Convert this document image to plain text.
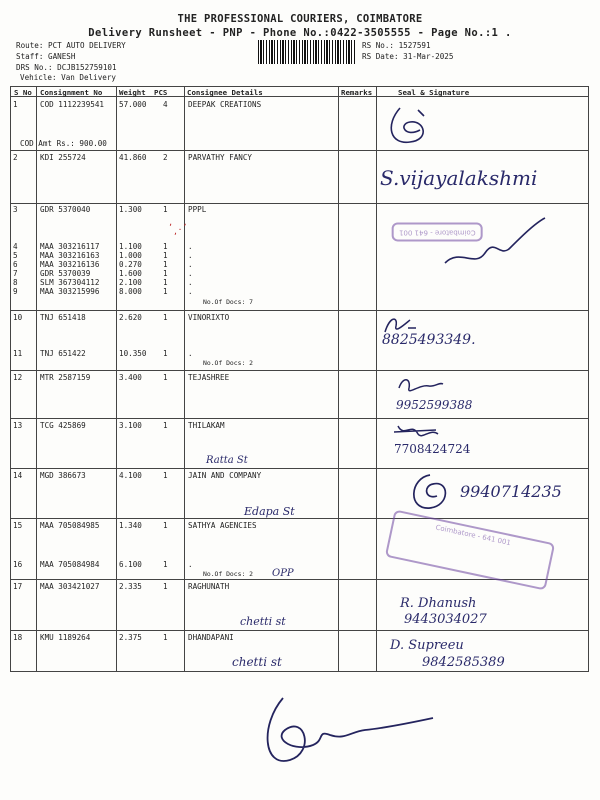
THE PROFESSIONAL COURIERS, COIMBATORE
Delivery Runsheet - PNP - Phone No.:0422-3505555 - Page No.:1 .
Route: PCT AUTO DELIVERY
Staff: GANESH
DRS No.: DCJB152759101
Vehicle: Van Delivery
RS No.: 1527591
RS Date: 31-Mar-2025
S No Consignment No Weight PCS	Consignee Details	Remarks	Seal & Signature
1	COD 1112239541 57.000 4	DEEPAK CREATIONS
COD Amt Rs.: 900.00
2	KDI 255724	41.860 2	PARVATHY FANCY
S.vijayalakshmi
3	GDR 5370040	1.300	1	PPPL
4	MAA 303216117	1.100	1	.
5	MAA 303216163	1.000	1	.
6	MAA 303216136	0.270	1	.
7	GDR 5370039	1.600	1	.
8	SLM 367304112	2.100	1	.
9	MAA 303215996	8.000	1	.
No.Of Docs: 7
ʼ .ʼ
ʼ	Coimbatore - 641 001
10 TNJ 651418	2.620	1	VINORIXTO
11 TNJ 651422	10.350 1	.
No.Of Docs: 2
8825493349.
12 MTR 2587159	3.400	1	TEJASHREE
9952599388
13 TCG 425869	3.100	1	THILAKAM
Ratta St
7708424724
14 MGD 386673	4.100	1	JAIN AND COMPANY
Edapa St
9940714235
15 MAA 705084985	1.340	1	SATHYA AGENCIES
16 MAA 705084984	6.100	1	.
No.Of Docs: 2 OPP
Coimbatore - 641 001
17 MAA 303421027	2.335	1	RAGHUNATH
chetti st
R. Dhanush
9443034027
18 KMU 1189264	2.375	1	DHANDAPANI
chetti st
D. Supreeu
9842585389
